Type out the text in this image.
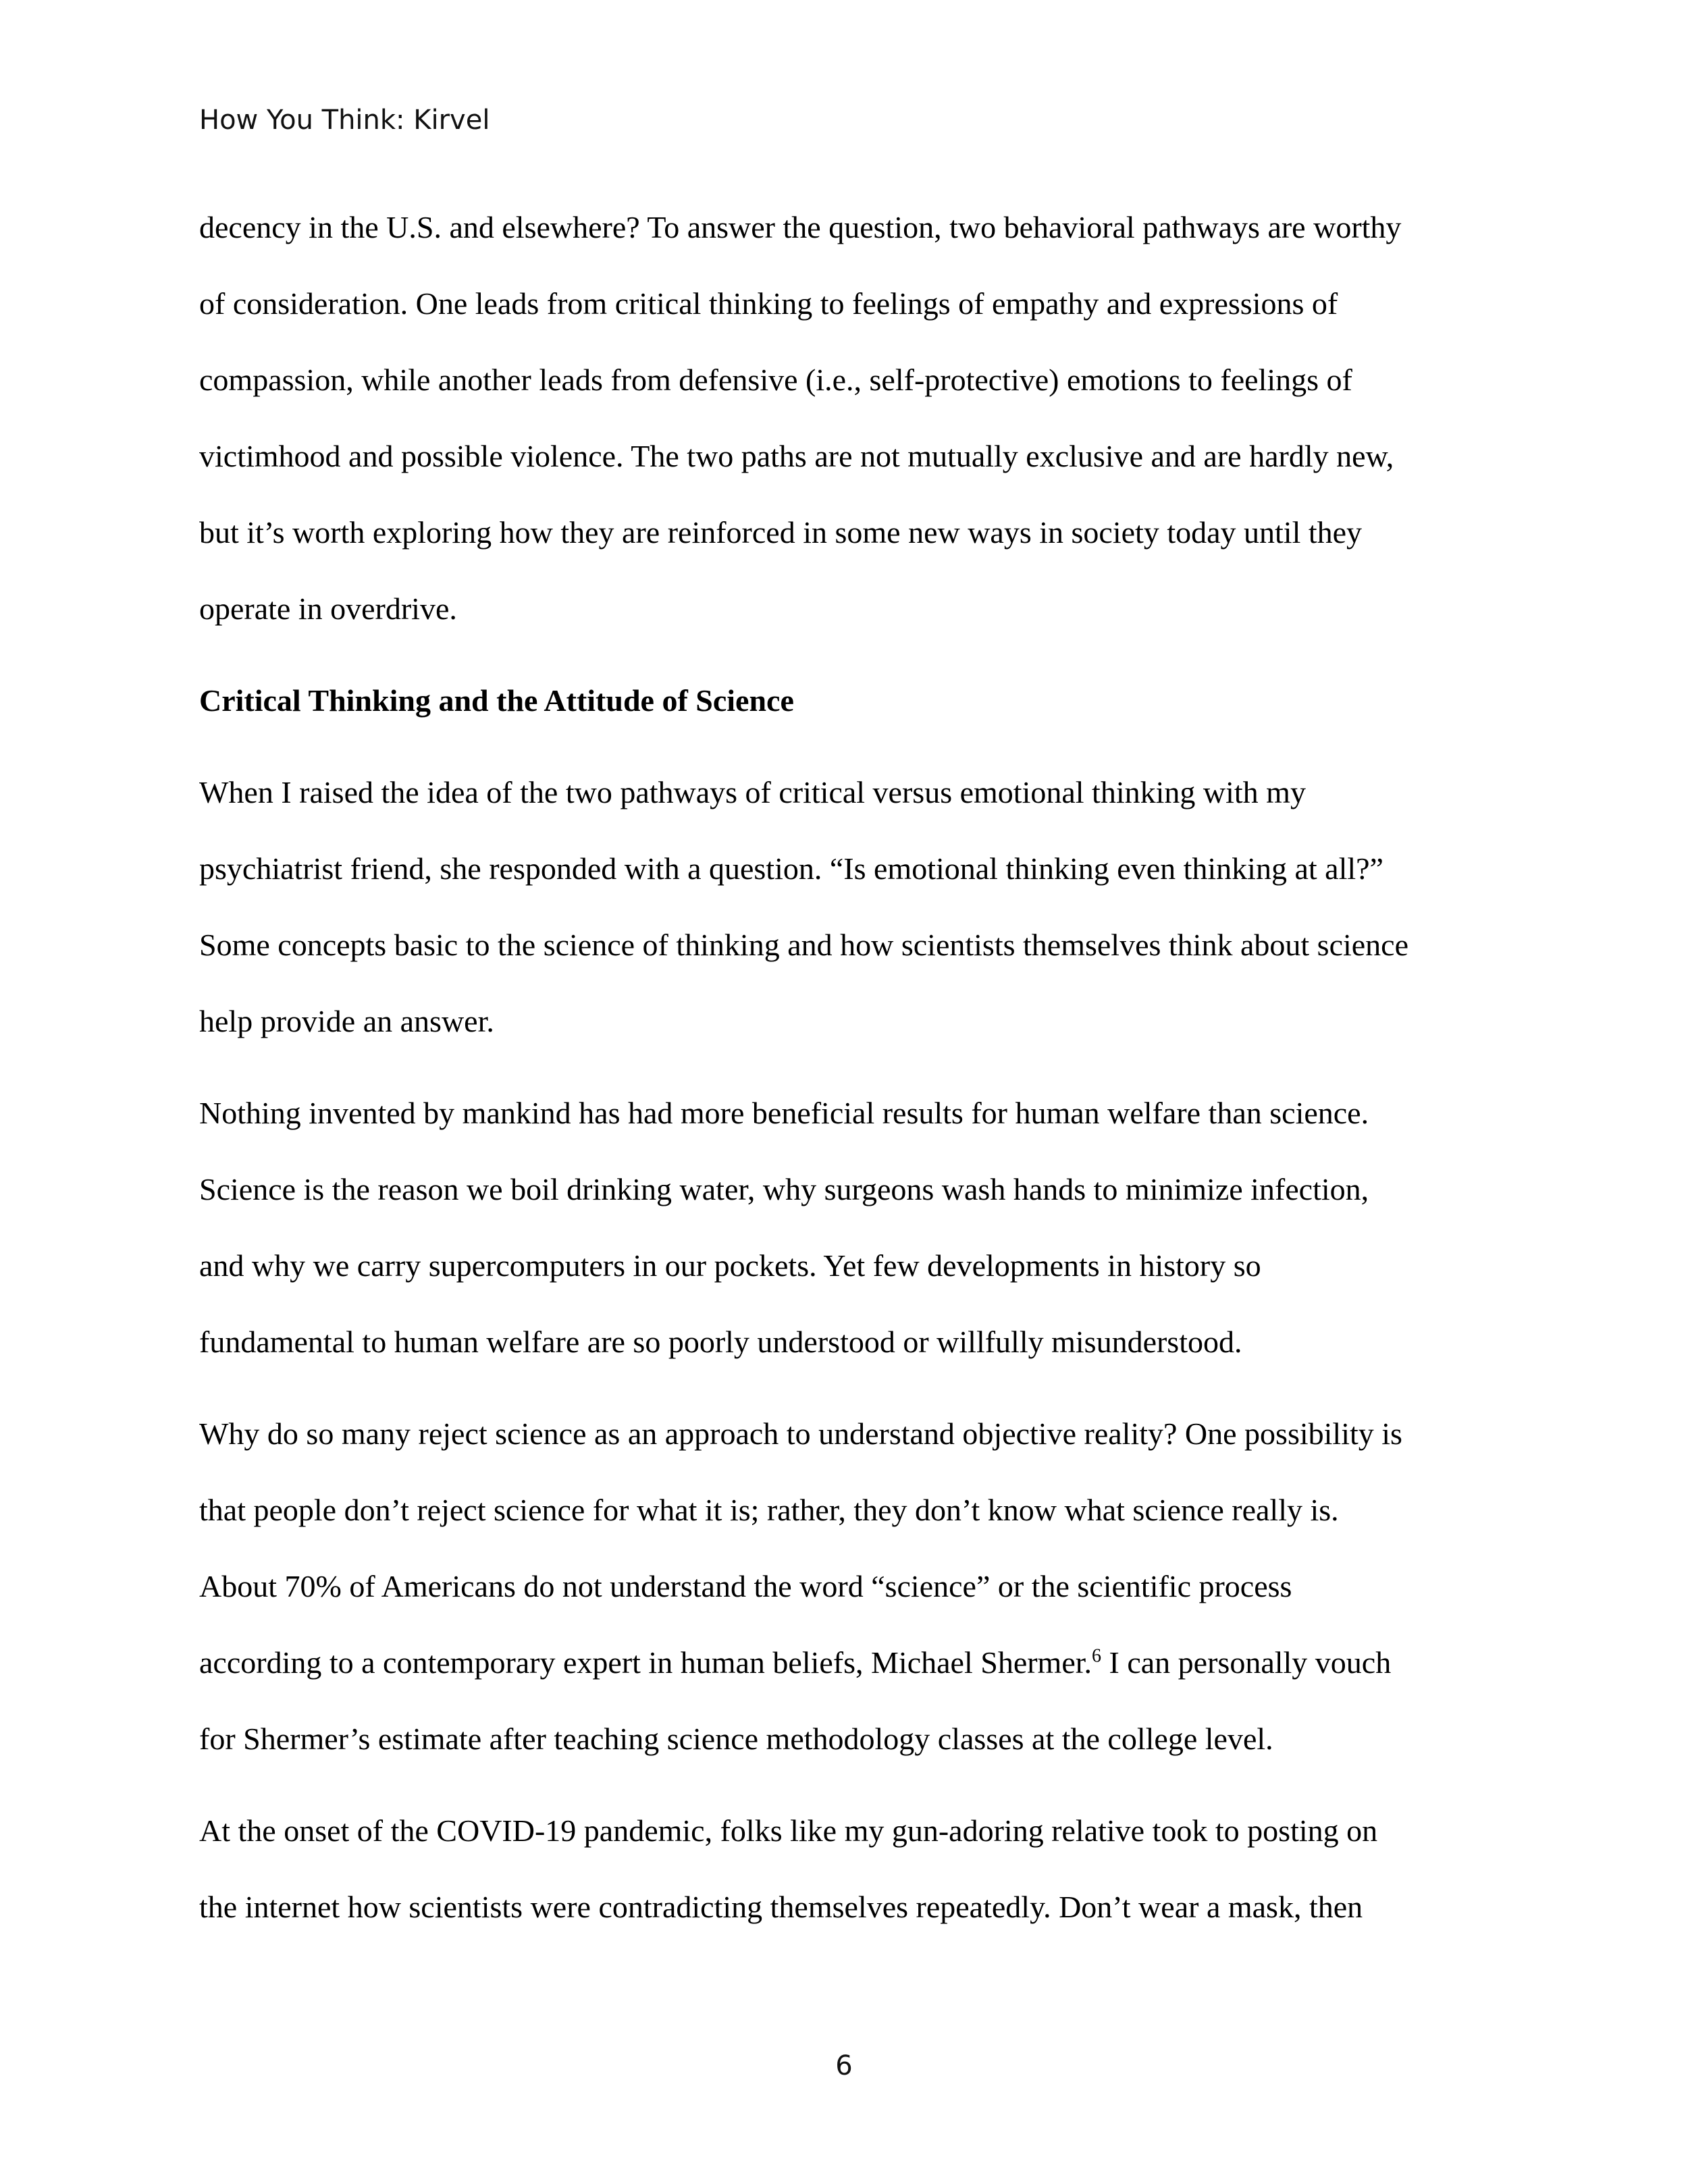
How You Think: Kirvel

decency in the U.S. and elsewhere? To answer the question, two behavioral pathways are worthy
of consideration. One leads from critical thinking to feelings of empathy and expressions of
compassion, while another leads from defensive (i.e., self-protective) emotions to feelings of
victimhood and possible violence. The two paths are not mutually exclusive and are hardly new,
but it’s worth exploring how they are reinforced in some new ways in society today until they
operate in overdrive.

Critical Thinking and the Attitude of Science

When I raised the idea of the two pathways of critical versus emotional thinking with my
psychiatrist friend, she responded with a question. “Is emotional thinking even thinking at all?”
Some concepts basic to the science of thinking and how scientists themselves think about science
help provide an answer.

Nothing invented by mankind has had more beneficial results for human welfare than science.
Science is the reason we boil drinking water, why surgeons wash hands to minimize infection,
and why we carry supercomputers in our pockets. Yet few developments in history so
fundamental to human welfare are so poorly understood or willfully misunderstood.

Why do so many reject science as an approach to understand objective reality? One possibility is
that people don’t reject science for what it is; rather, they don’t know what science really is.
About 70% of Americans do not understand the word “science” or the scientific process
according to a contemporary expert in human beliefs, Michael Shermer.$^6$ I can personally vouch
for Shermer’s estimate after teaching science methodology classes at the college level.

At the onset of the COVID-19 pandemic, folks like my gun-adoring relative took to posting on
the internet how scientists were contradicting themselves repeatedly. Don’t wear a mask, then

6
